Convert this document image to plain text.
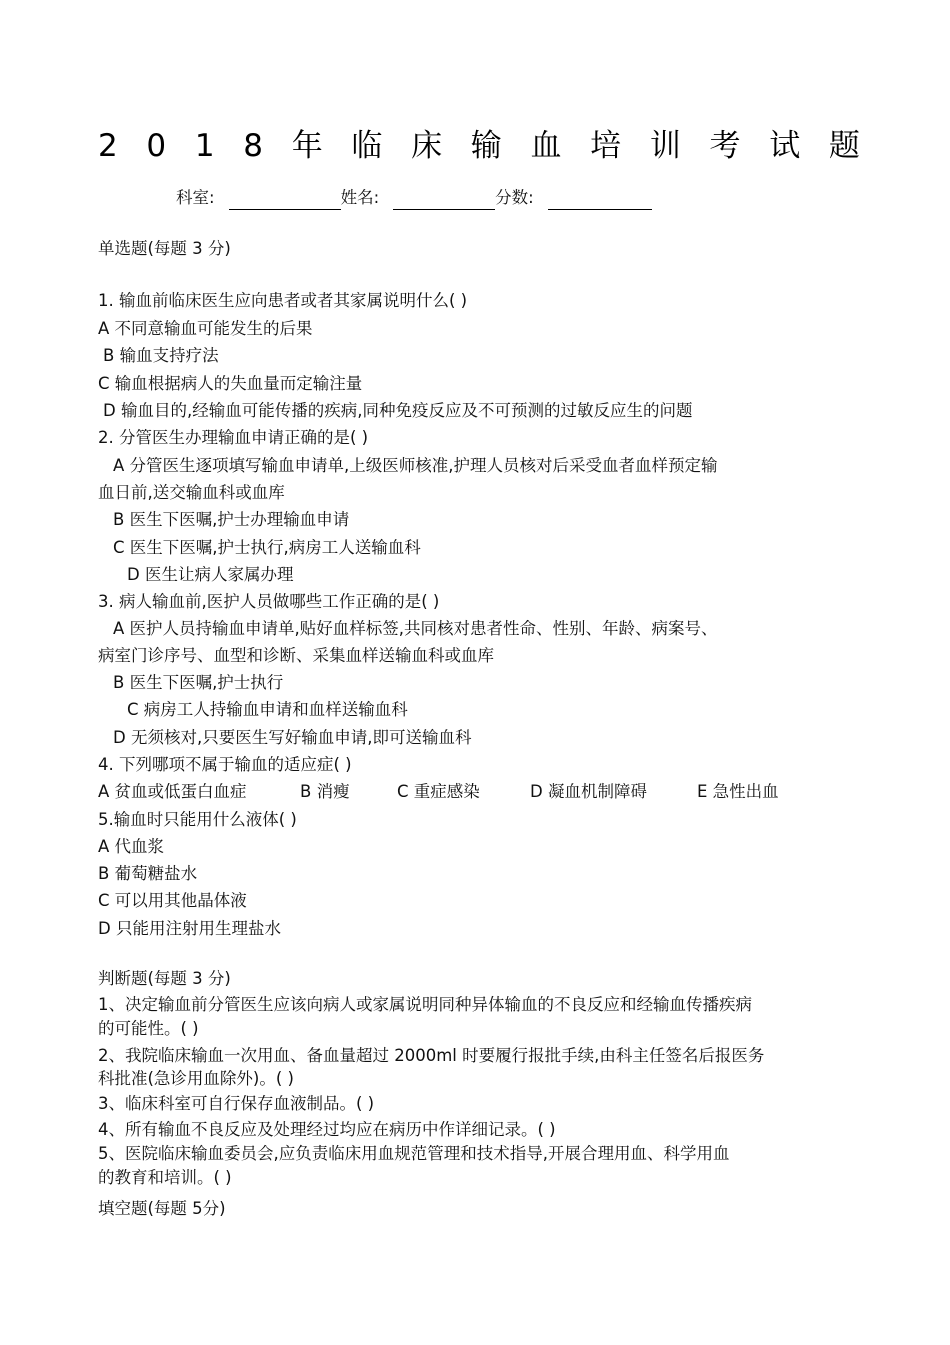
2 0 1 8 年 临 床 输 血 培 训 考 试 题
科室:	姓名:	分数:
单选题(每题 3 分)
1. 输血前临床医生应向患者或者其家属说明什么( )
A 不同意输血可能发生的后果
B 输血支持疗法
C 输血根据病人的失血量而定输注量
D 输血目的,经输血可能传播的疾病,同种免疫反应及不可预测的过敏反应生的问题
2. 分管医生办理输血申请正确的是( )
A 分管医生逐项填写输血申请单,上级医师核准,护理人员核对后采受血者血样预定输
血日前,送交输血科或血库
B 医生下医嘱,护士办理输血申请
C 医生下医嘱,护士执行,病房工人送输血科
D 医生让病人家属办理
3. 病人输血前,医护人员做哪些工作正确的是( )
A 医护人员持输血申请单,贴好血样标签,共同核对患者性命、性别、年龄、病案号、
病室门诊序号、血型和诊断、采集血样送输血科或血库
B 医生下医嘱,护士执行
C 病房工人持输血申请和血样送输血科
D 无须核对,只要医生写好输血申请,即可送输血科
4. 下列哪项不属于输血的适应症( )
A 贫血或低蛋白血症	B 消瘦	C 重症感染	D 凝血机制障碍	E 急性出血
5.输血时只能用什么液体( )
A 代血浆
B 葡萄糖盐水
C 可以用其他晶体液
D 只能用注射用生理盐水
判断题(每题 3 分)
1、决定输血前分管医生应该向病人或家属说明同种异体输血的不良反应和经输血传播疾病
的可能性。( )
2、我院临床输血一次用血、备血量超过 2000ml 时要履行报批手续,由科主任签名后报医务
科批准(急诊用血除外)。( )
3、临床科室可自行保存血液制品。( )
4、所有输血不良反应及处理经过均应在病历中作详细记录。( )
5、医院临床输血委员会,应负责临床用血规范管理和技术指导,开展合理用血、科学用血
的教育和培训。( )
填空题(每题 5分)
